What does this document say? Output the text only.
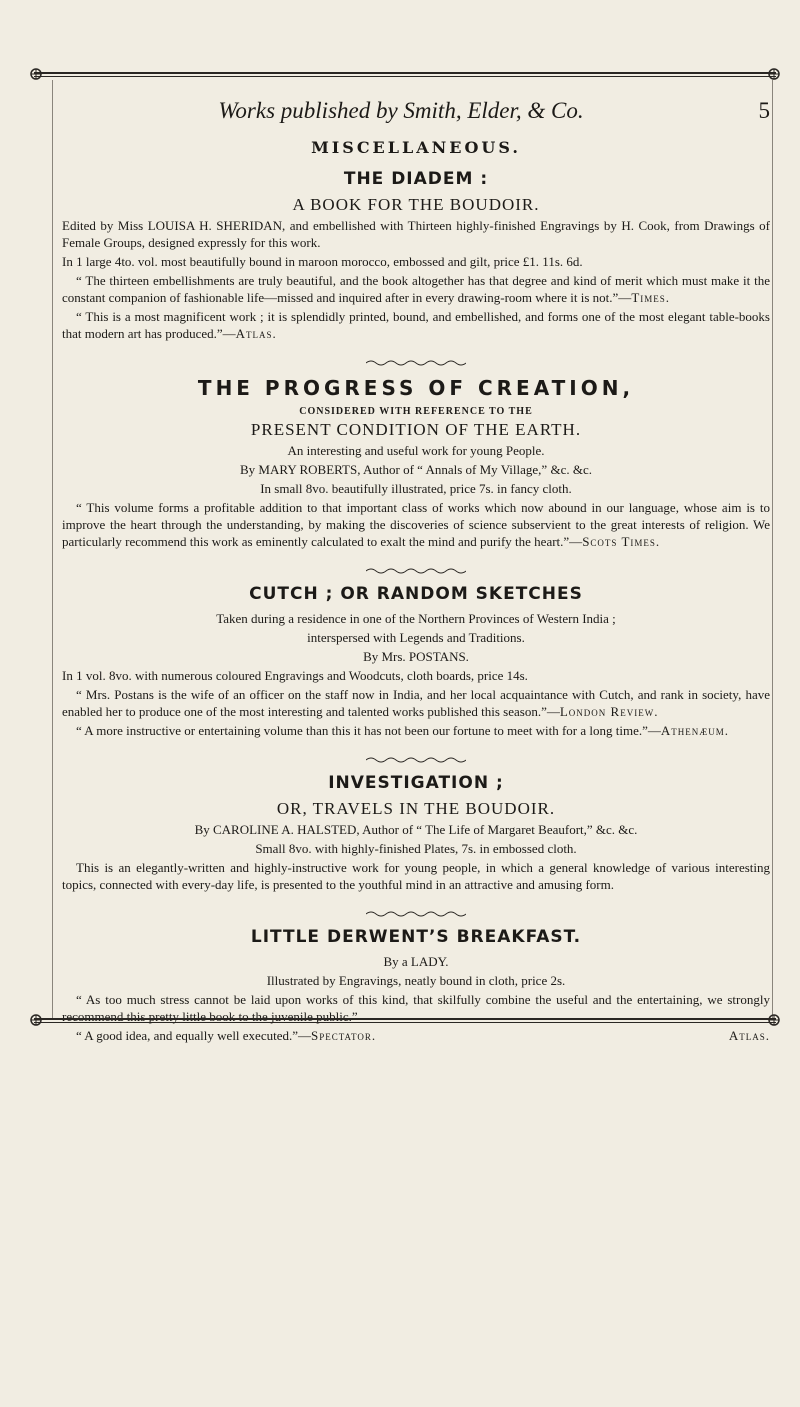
Works published by Smith, Elder, & Co.	5
MISCELLANEOUS.
THE DIADEM :
A BOOK FOR THE BOUDOIR.
Edited by Miss LOUISA H. SHERIDAN, and embellished with Thirteen highly-finished Engravings by H. Cook, from Drawings of Female Groups, designed expressly for this work.
In 1 large 4to. vol. most beautifully bound in maroon morocco, embossed and gilt, price £1. 11s. 6d.
“ The thirteen embellishments are truly beautiful, and the book altogether has that degree and kind of merit which must make it the constant companion of fashionable life—missed and inquired after in every drawing-room where it is not.”—Times.
“ This is a most magnificent work ; it is splendidly printed, bound, and embellished, and forms one of the most elegant table-books that modern art has produced.”—Atlas.
THE PROGRESS OF CREATION,
CONSIDERED WITH REFERENCE TO THE
PRESENT CONDITION OF THE EARTH.
An interesting and useful work for young People.
By MARY ROBERTS, Author of “ Annals of My Village,” &c. &c.
In small 8vo. beautifully illustrated, price 7s. in fancy cloth.
“ This volume forms a profitable addition to that important class of works which now abound in our language, whose aim is to improve the heart through the understanding, by making the discoveries of science subservient to the great interests of religion. We particularly recommend this work as eminently calculated to exalt the mind and purify the heart.”—Scots Times.
CUTCH ; OR RANDOM SKETCHES
Taken during a residence in one of the Northern Provinces of Western India ;
interspersed with Legends and Traditions.
By Mrs. POSTANS.
In 1 vol. 8vo. with numerous coloured Engravings and Woodcuts, cloth boards, price 14s.
“ Mrs. Postans is the wife of an officer on the staff now in India, and her local acquaintance with Cutch, and rank in society, have enabled her to produce one of the most interesting and talented works published this season.”—London Review.
“ A more instructive or entertaining volume than this it has not been our fortune to meet with for a long time.”—Athenæum.
INVESTIGATION ;
OR, TRAVELS IN THE BOUDOIR.
By CAROLINE A. HALSTED, Author of “ The Life of Margaret Beaufort,” &c. &c.
Small 8vo. with highly-finished Plates, 7s. in embossed cloth.
This is an elegantly-written and highly-instructive work for young people, in which a general knowledge of various interesting topics, connected with every-day life, is presented to the youthful mind in an attractive and amusing form.
LITTLE DERWENT’S BREAKFAST.
By a LADY.
Illustrated by Engravings, neatly bound in cloth, price 2s.
“ As too much stress cannot be laid upon works of this kind, that skilfully combine the useful and the entertaining, we strongly recommend this pretty little book to the juvenile public.”
“ A good idea, and equally well executed.”—Spectator.	Atlas.
